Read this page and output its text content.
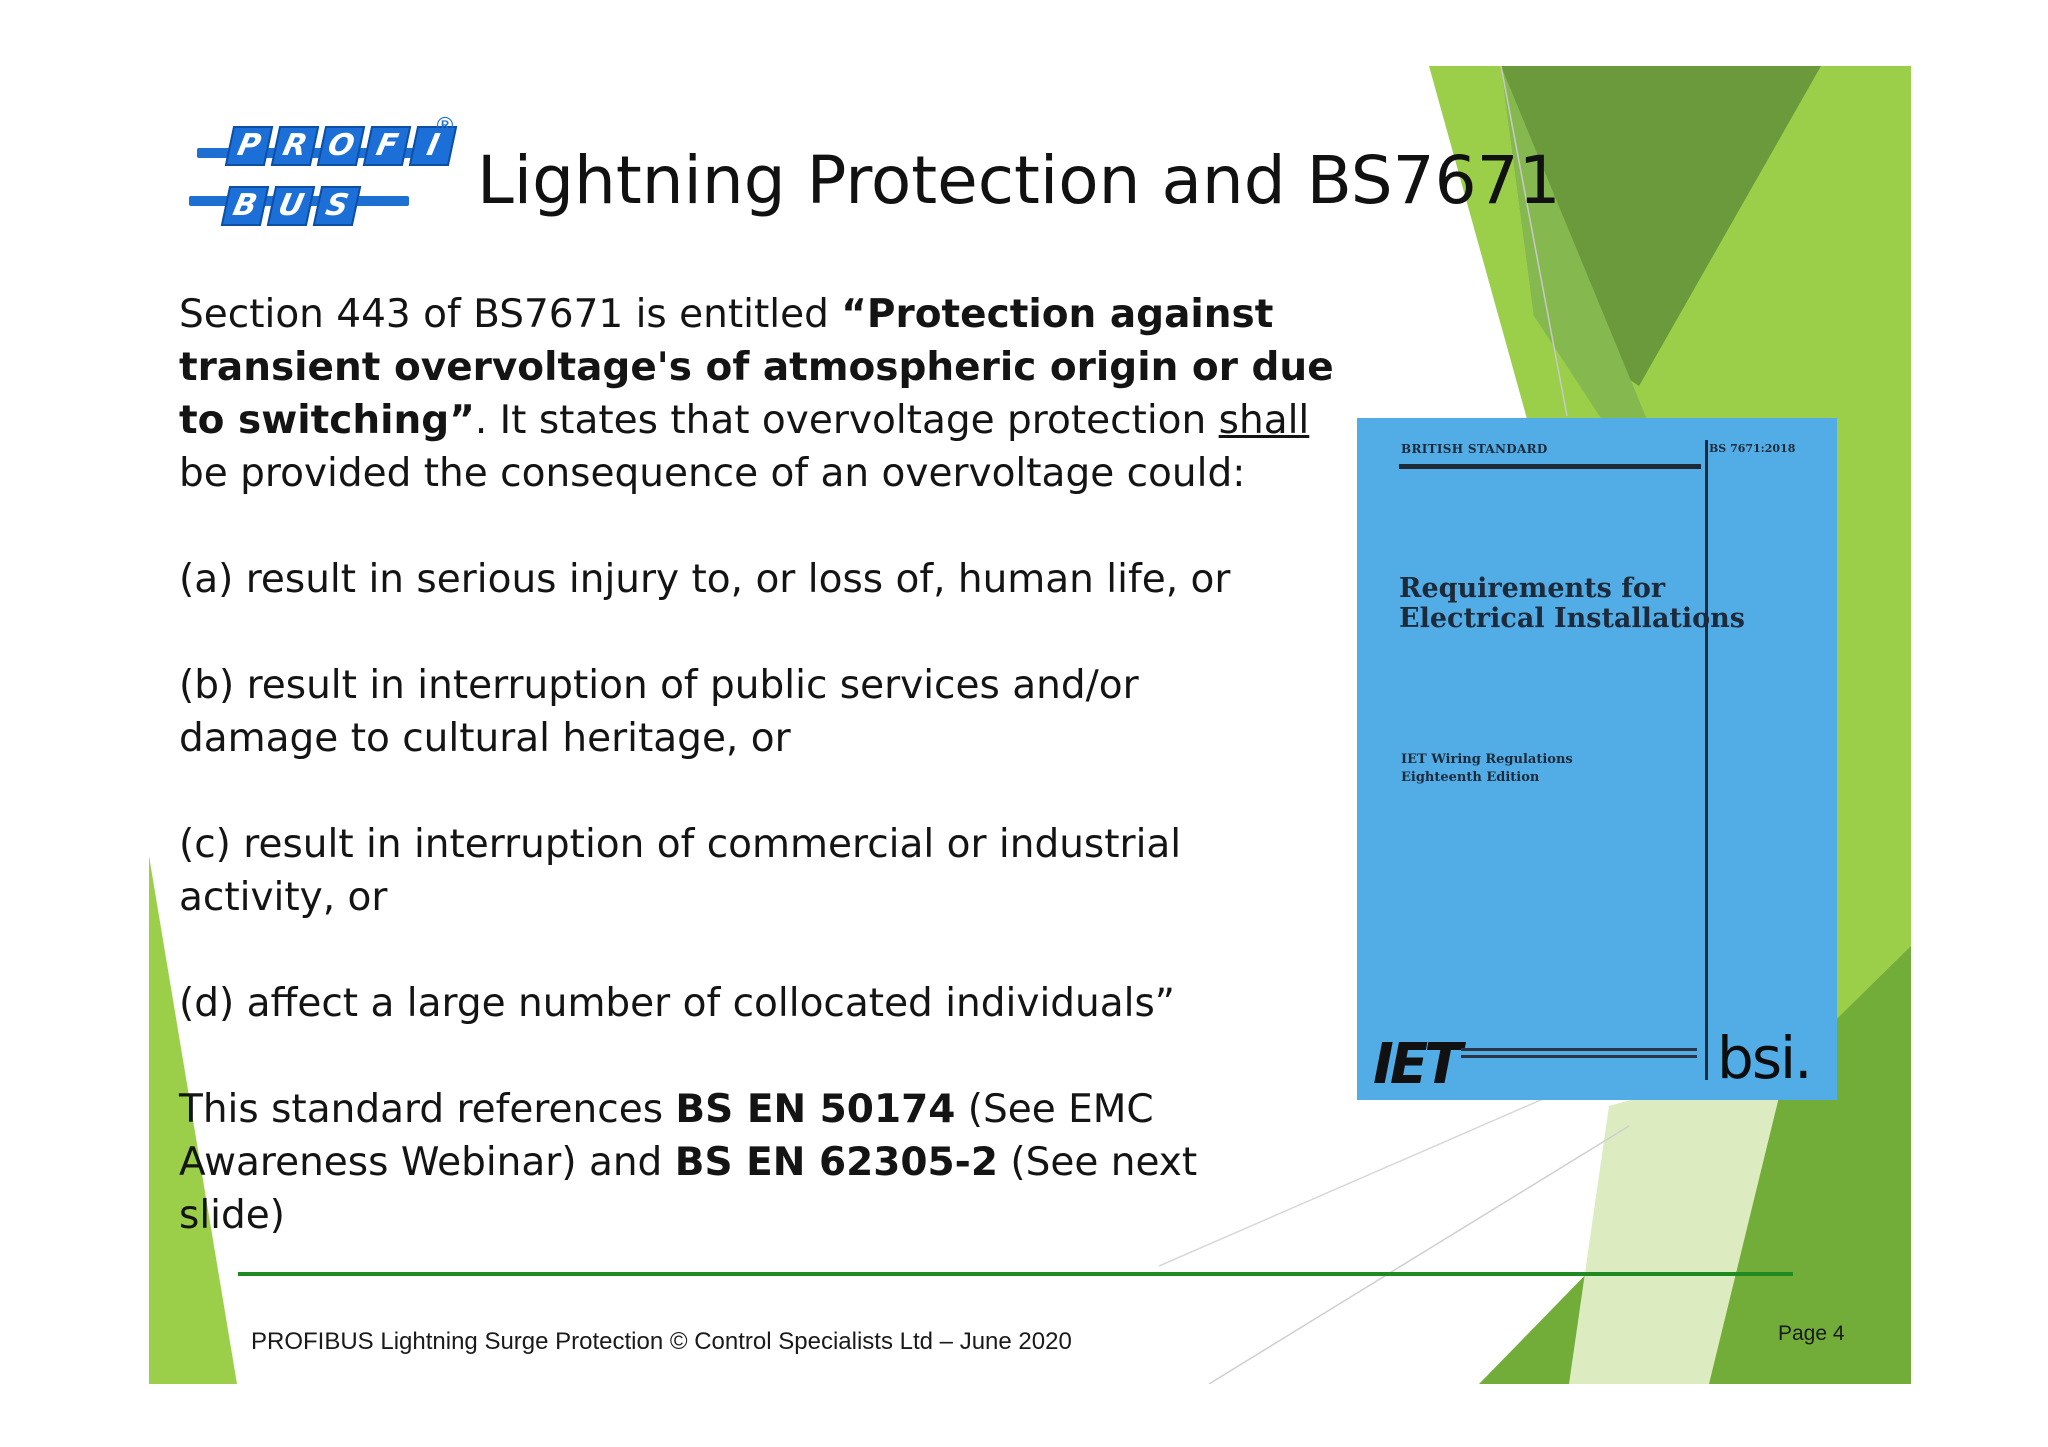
P R O F I
B U S
®
Lightning Protection and BS7671

Section 443 of BS7671 is entitled “Protection against transient overvoltage's of atmospheric origin or due to switching”. It states that overvoltage protection shall be provided the consequence of an overvoltage could:

(a) result in serious injury to, or loss of, human life, or

(b) result in interruption of public services and/or damage to cultural heritage, or

(c) result in interruption of commercial or industrial activity, or

(d) affect a large number of collocated individuals”

This standard references BS EN 50174 (See EMC Awareness Webinar) and BS EN 62305-2 (See next slide)

BRITISH STANDARD	BS 7671:2018
Requirements for
Electrical Installations
IET Wiring Regulations
Eighteenth Edition
IET	bsi.
PROFIBUS Lightning Surge Protection © Control Specialists Ltd – June 2020	Page 4
